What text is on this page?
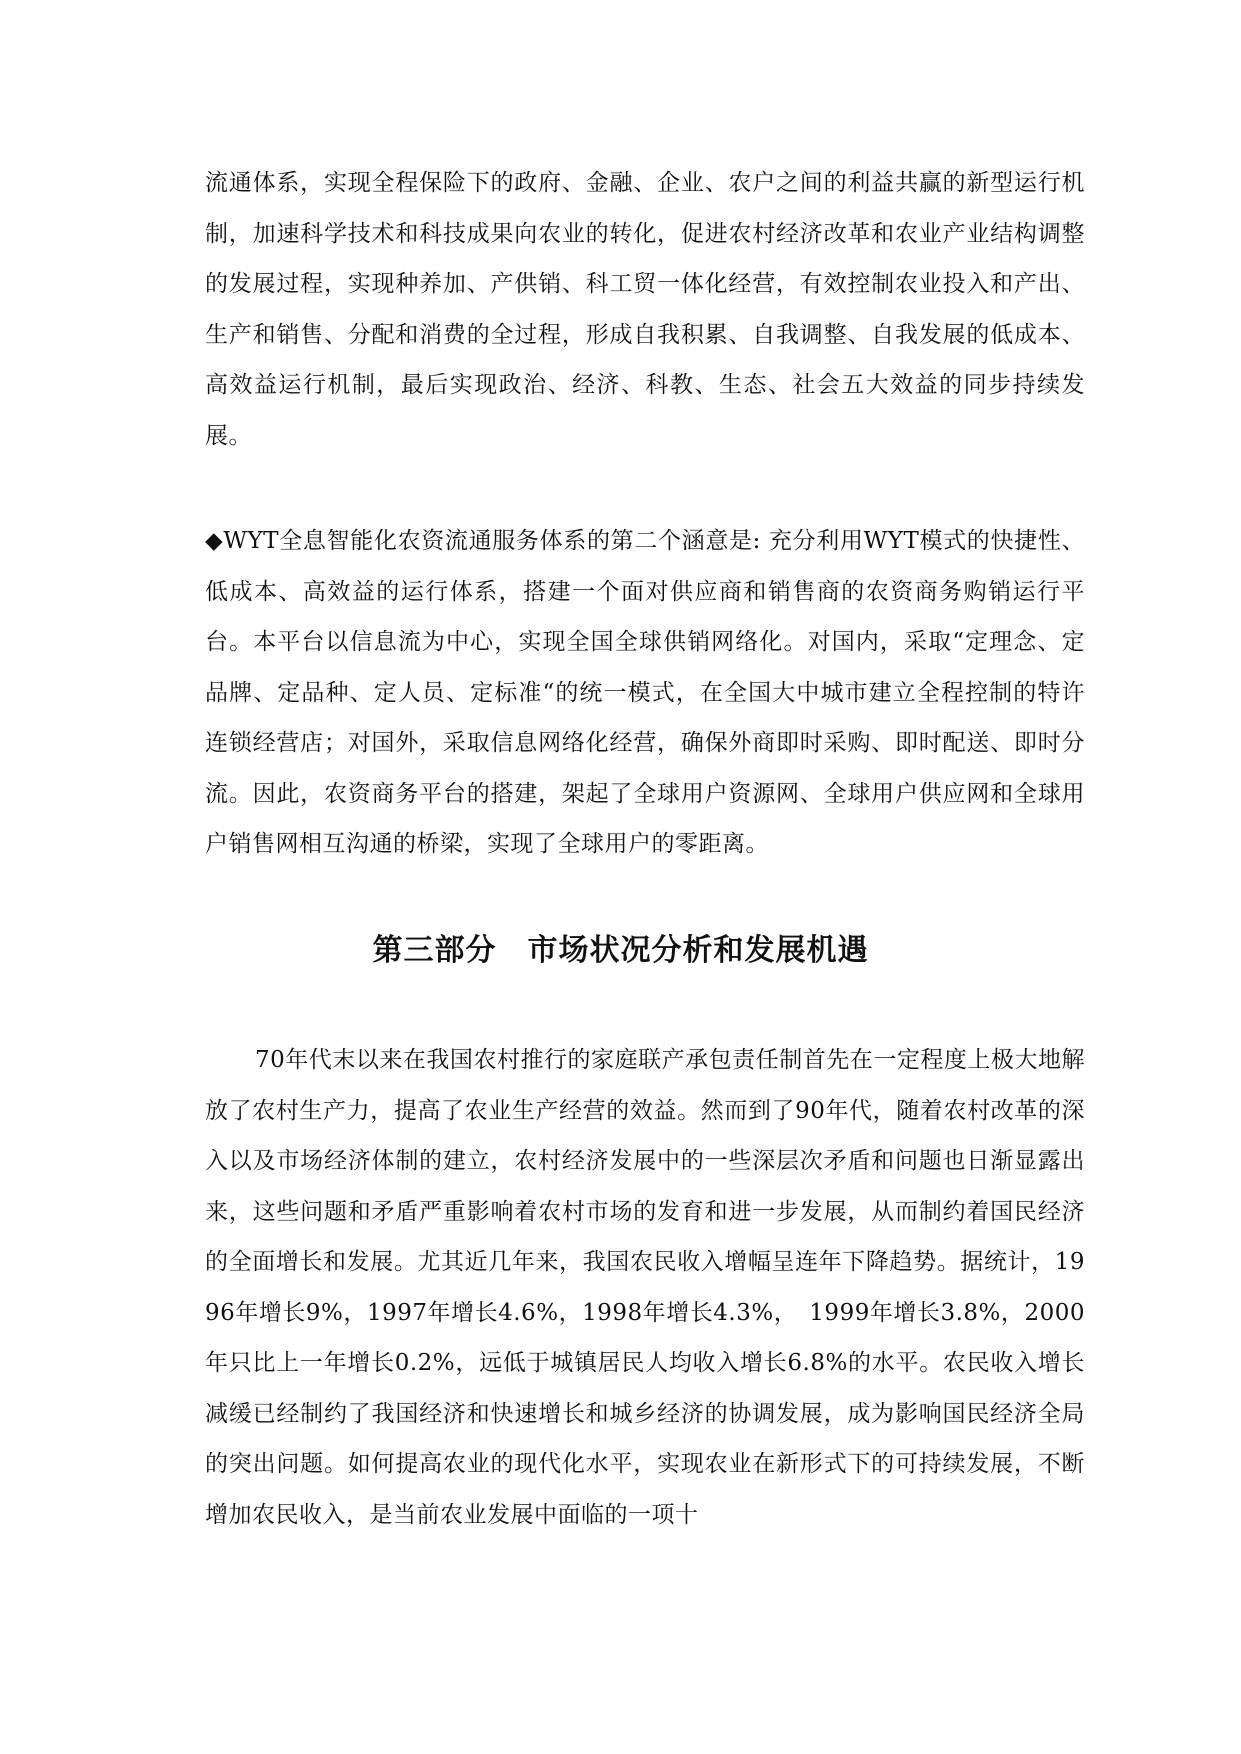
流通体系，实现全程保险下的政府、金融、企业、农户之间的利益共赢的新型运行机制，加速科学技术和科技成果向农业的转化，促进农村经济改革和农业产业结构调整的发展过程，实现种养加、产供销、科工贸一体化经营，有效控制农业投入和产出、生产和销售、分配和消费的全过程，形成自我积累、自我调整、自我发展的低成本、高效益运行机制，最后实现政治、经济、科教、生态、社会五大效益的同步持续发展。

◆WYT全息智能化农资流通服务体系的第二个涵意是: 充分利用WYT模式的快捷性、低成本、高效益的运行体系，搭建一个面对供应商和销售商的农资商务购销运行平台。本平台以信息流为中心，实现全国全球供销网络化。对国内，采取“定理念、定品牌、定品种、定人员、定标准“的统一模式，在全国大中城市建立全程控制的特许连锁经营店；对国外，采取信息网络化经营，确保外商即时采购、即时配送、即时分流。因此，农资商务平台的搭建，架起了全球用户资源网、全球用户供应网和全球用户销售网相互沟通的桥梁，实现了全球用户的零距离。

第三部分　市场状况分析和发展机遇

70年代末以来在我国农村推行的家庭联产承包责任制首先在一定程度上极大地解放了农村生产力，提高了农业生产经营的效益。然而到了90年代，随着农村改革的深入以及市场经济体制的建立，农村经济发展中的一些深层次矛盾和问题也日渐显露出来，这些问题和矛盾严重影响着农村市场的发育和进一步发展，从而制约着国民经济的全面增长和发展。尤其近几年来，我国农民收入增幅呈连年下降趋势。据统计，1996年增长9%，1997年增长4.6%，1998年增长4.3%，　1999年增长3.8%，2000年只比上一年增长0.2%，远低于城镇居民人均收入增长6.8%的水平。农民收入增长减缓已经制约了我国经济和快速增长和城乡经济的协调发展，成为影响国民经济全局的突出问题。如何提高农业的现代化水平，实现农业在新形式下的可持续发展，不断增加农民收入，是当前农业发展中面临的一项十
